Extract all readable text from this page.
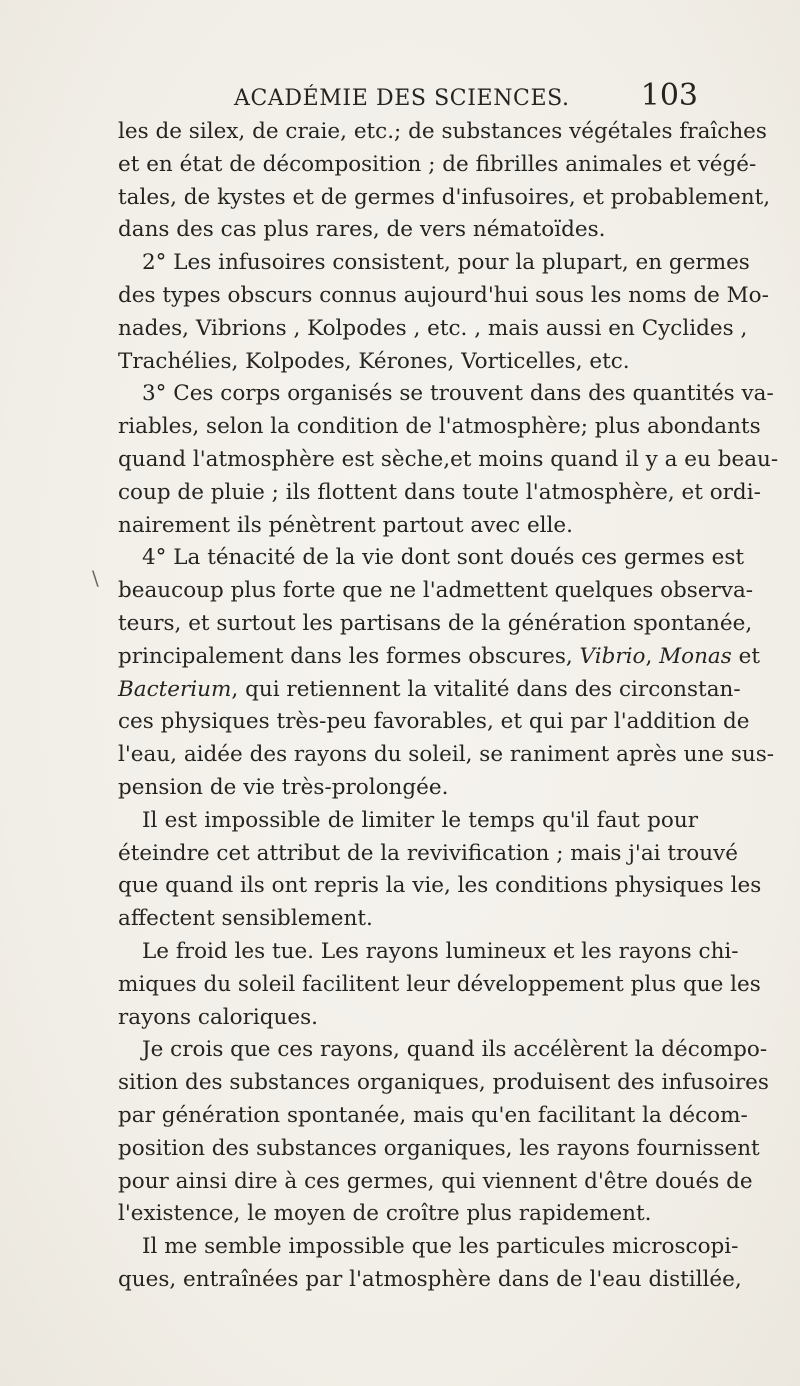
ACADÉMIE DES SCIENCES. 103
\
les de silex, de craie, etc.; de substances végétales fraîches
et en état de décomposition ; de fibrilles animales et végé-
tales, de kystes et de germes d'infusoires, et probablement,
dans des cas plus rares, de vers nématoïdes.
2° Les infusoires consistent, pour la plupart, en germes
des types obscurs connus aujourd'hui sous les noms de Mo-
nades, Vibrions , Kolpodes , etc. , mais aussi en Cyclides ,
Trachélies, Kolpodes, Kérones, Vorticelles, etc.
3° Ces corps organisés se trouvent dans des quantités va-
riables, selon la condition de l'atmosphère; plus abondants
quand l'atmosphère est sèche,et moins quand il y a eu beau-
coup de pluie ; ils flottent dans toute l'atmosphère, et ordi-
nairement ils pénètrent partout avec elle.
4° La ténacité de la vie dont sont doués ces germes est
beaucoup plus forte que ne l'admettent quelques observa-
teurs, et surtout les partisans de la génération spontanée,
principalement dans les formes obscures, Vibrio, Monas et
Bacterium, qui retiennent la vitalité dans des circonstan-
ces physiques très-peu favorables, et qui par l'addition de
l'eau, aidée des rayons du soleil, se raniment après une sus-
pension de vie très-prolongée.
Il est impossible de limiter le temps qu'il faut pour
éteindre cet attribut de la revivification ; mais j'ai trouvé
que quand ils ont repris la vie, les conditions physiques les
affectent sensiblement.
Le froid les tue. Les rayons lumineux et les rayons chi-
miques du soleil facilitent leur développement plus que les
rayons caloriques.
Je crois que ces rayons, quand ils accélèrent la décompo-
sition des substances organiques, produisent des infusoires
par génération spontanée, mais qu'en facilitant la décom-
position des substances organiques, les rayons fournissent
pour ainsi dire à ces germes, qui viennent d'être doués de
l'existence, le moyen de croître plus rapidement.
Il me semble impossible que les particules microscopi-
ques, entraînées par l'atmosphère dans de l'eau distillée,
